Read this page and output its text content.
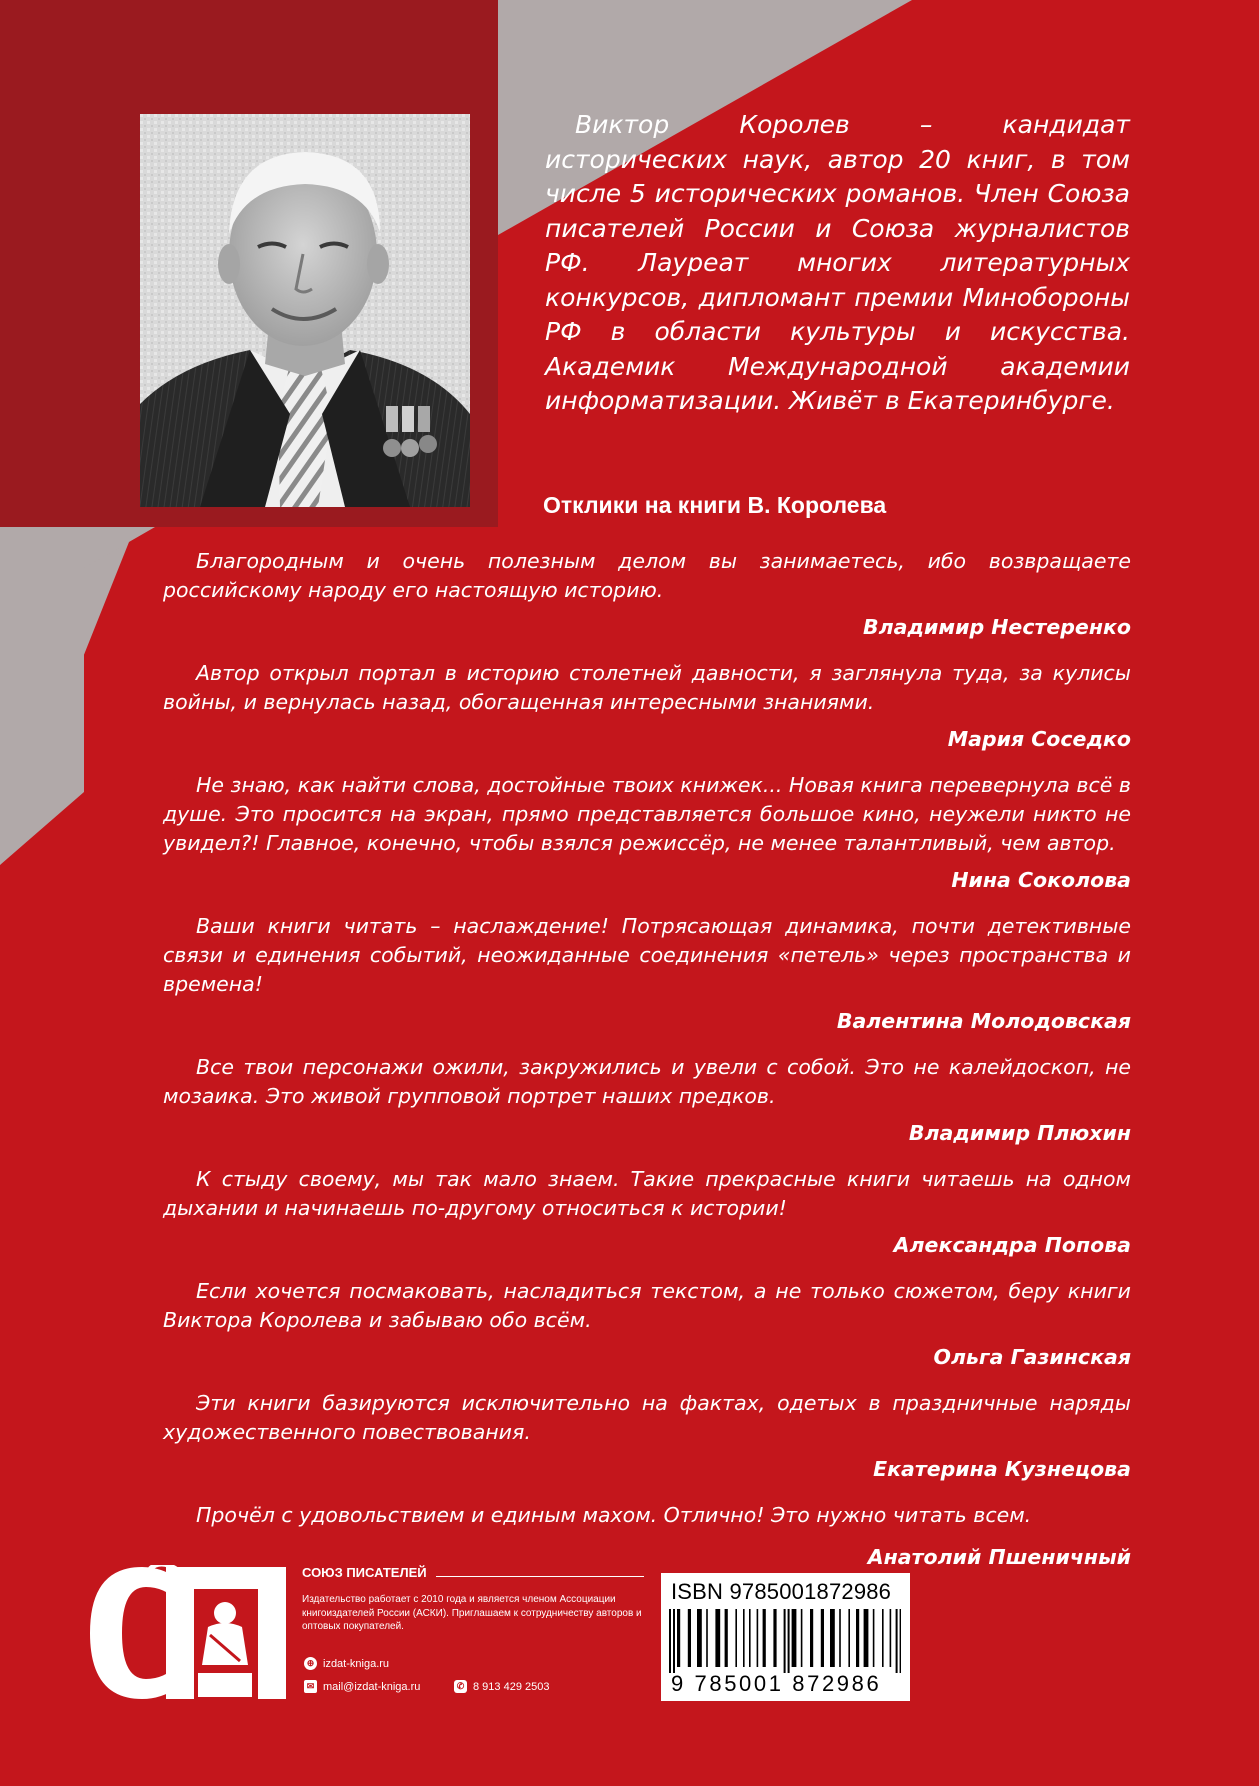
Виктор Королев – кандидат исторических наук, автор 20 книг, в том числе 5 исторических романов. Член Союза писателей России и Союза журналистов РФ. Лауреат многих литературных конкурсов, дипломант премии Минобороны РФ в области культуры и искусства. Академик Международной академии информатизации. Живёт в Екатеринбурге.

Отклики на книги В. Королева

Благородным и очень полезным делом вы занимаетесь, ибо возвращаете российскому народу его настоящую историю.

Владимир Нестеренко

Автор открыл портал в историю столетней давности, я заглянула туда, за кулисы войны, и вернулась назад, обогащенная интересными знаниями.

Мария Соседко

Не знаю, как найти слова, достойные твоих книжек... Новая книга перевернула всё в душе. Это просится на экран, прямо представляется большое кино, неужели никто не увидел?! Главное, конечно, чтобы взялся режиссёр, не менее талантливый, чем автор.

Нина Соколова

Ваши книги читать – наслаждение! Потрясающая динамика, почти детективные связи и единения событий, неожиданные соединения «петель» через пространства и времена!

Валентина Молодовская

Все твои персонажи ожили, закружились и увели с собой. Это не калейдоскоп, не мозаика. Это живой групповой портрет наших предков.

Владимир Плюхин

К стыду своему, мы так мало знаем. Такие прекрасные книги читаешь на одном дыхании и начинаешь по-другому относиться к истории!

Александра Попова

Если хочется посмаковать, насладиться текстом, а не только сюжетом, беру книги Виктора Королева и забываю обо всём.

Ольга Газинская

Эти книги базируются исключительно на фактах, одетых в праздничные наряды художественного повествования.

Екатерина Кузнецова

Прочёл с удовольствием и единым махом. Отлично! Это нужно читать всем.

Анатолий Пшеничный

СОЮЗ ПИСАТЕЛЕЙ

Издательство работает с 2010 года и является членом Ассоциации книгоиздателей России (АСКИ). Приглашаем к сотрудничеству авторов и оптовых покупателей.

⊕ izdat-kniga.ru
✉ mail@izdat-kniga.ru	✆ 8 913 429 2503

ISBN 9785001872986

9 785001 872986
